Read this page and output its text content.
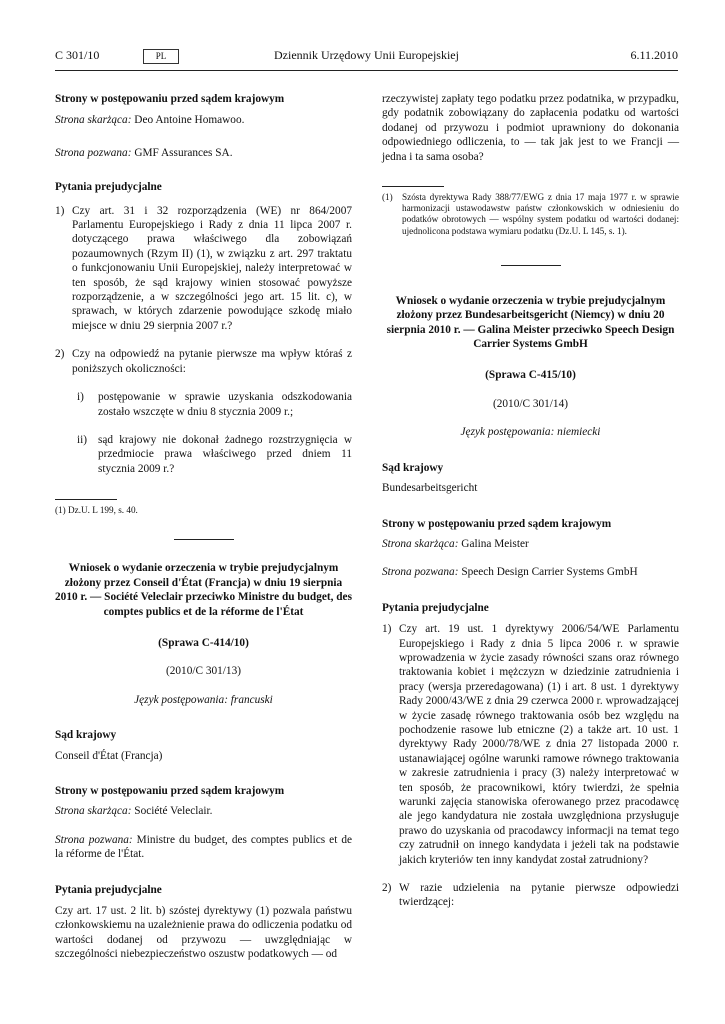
C 301/10	PL	Dziennik Urzędowy Unii Europejskiej	6.11.2010

Strony w postępowaniu przed sądem krajowym

Strona skarżąca: Deo Antoine Homawoo.

Strona pozwana: GMF Assurances SA.

Pytania prejudycjalne

1) Czy art. 31 i 32 rozporządzenia (WE) nr 864/2007 Parlamentu Europejskiego i Rady z dnia 11 lipca 2007 r. dotyczącego prawa właściwego dla zobowiązań pozaumownych (Rzym II) (1), w związku z art. 297 traktatu o funkcjonowaniu Unii Europejskiej, należy interpretować w ten sposób, że sąd krajowy winien stosować powyższe rozporządzenie, a w szczególności jego art. 15 lit. c), w sprawach, w których zdarzenie powodujące szkodę miało miejsce w dniu 29 sierpnia 2007 r.?
2) Czy na odpowiedź na pytanie pierwsze ma wpływ któraś z poniższych okoliczności:
i) postępowanie w sprawie uzyskania odszkodowania zostało wszczęte w dniu 8 stycznia 2009 r.;
ii) sąd krajowy nie dokonał żadnego rozstrzygnięcia w przedmiocie prawa właściwego przed dniem 11 stycznia 2009 r.?

(1) Dz.U. L 199, s. 40.

Wniosek o wydanie orzeczenia w trybie prejudycjalnym złożony przez Conseil d'État (Francja) w dniu 19 sierpnia 2010 r. — Société Veleclair przeciwko Ministre du budget, des comptes publics et de la réforme de l'État

(Sprawa C-414/10)

(2010/C 301/13)

Język postępowania: francuski

Sąd krajowy

Conseil d'État (Francja)

Strony w postępowaniu przed sądem krajowym

Strona skarżąca: Société Veleclair.

Strona pozwana: Ministre du budget, des comptes publics et de la réforme de l'État.

Pytania prejudycjalne

Czy art. 17 ust. 2 lit. b) szóstej dyrektywy (1) pozwala państwu członkowskiemu na uzależnienie prawa do odliczenia podatku od wartości dodanej od przywozu — uwzględniając w szczególności niebezpieczeństwo oszustw podatkowych — od

rzeczywistej zapłaty tego podatku przez podatnika, w przypadku, gdy podatnik zobowiązany do zapłacenia podatku od wartości dodanej od przywozu i podmiot uprawniony do dokonania odpowiedniego odliczenia, to — tak jak jest to we Francji — jedna i ta sama osoba?

(1) Szósta dyrektywa Rady 388/77/EWG z dnia 17 maja 1977 r. w sprawie harmonizacji ustawodawstw państw członkowskich w odniesieniu do podatków obrotowych — wspólny system podatku od wartości dodanej: ujednolicona podstawa wymiaru podatku (Dz.U. L 145, s. 1).

Wniosek o wydanie orzeczenia w trybie prejudycjalnym złożony przez Bundesarbeitsgericht (Niemcy) w dniu 20 sierpnia 2010 r. — Galina Meister przeciwko Speech Design Carrier Systems GmbH

(Sprawa C-415/10)

(2010/C 301/14)

Język postępowania: niemiecki

Sąd krajowy

Bundesarbeitsgericht

Strony w postępowaniu przed sądem krajowym

Strona skarżąca: Galina Meister

Strona pozwana: Speech Design Carrier Systems GmbH

Pytania prejudycjalne

1) Czy art. 19 ust. 1 dyrektywy 2006/54/WE Parlamentu Europejskiego i Rady z dnia 5 lipca 2006 r. w sprawie wprowadzenia w życie zasady równości szans oraz równego traktowania kobiet i mężczyzn w dziedzinie zatrudnienia i pracy (wersja przeredagowana) (1) i art. 8 ust. 1 dyrektywy Rady 2000/43/WE z dnia 29 czerwca 2000 r. wprowadzającej w życie zasadę równego traktowania osób bez względu na pochodzenie rasowe lub etniczne (2) a także art. 10 ust. 1 dyrektywy Rady 2000/78/WE z dnia 27 listopada 2000 r. ustanawiającej ogólne warunki ramowe równego traktowania w zakresie zatrudnienia i pracy (3) należy interpretować w ten sposób, że pracownikowi, który twierdzi, że spełnia warunki zajęcia stanowiska oferowanego przez pracodawcę ale jego kandydatura nie została uwzględniona przysługuje prawo do uzyskania od pracodawcy informacji na temat tego czy zatrudnił on innego kandydata i jeżeli tak na podstawie jakich kryteriów ten inny kandydat został zatrudniony?
2) W razie udzielenia na pytanie pierwsze odpowiedzi twierdzącej:
